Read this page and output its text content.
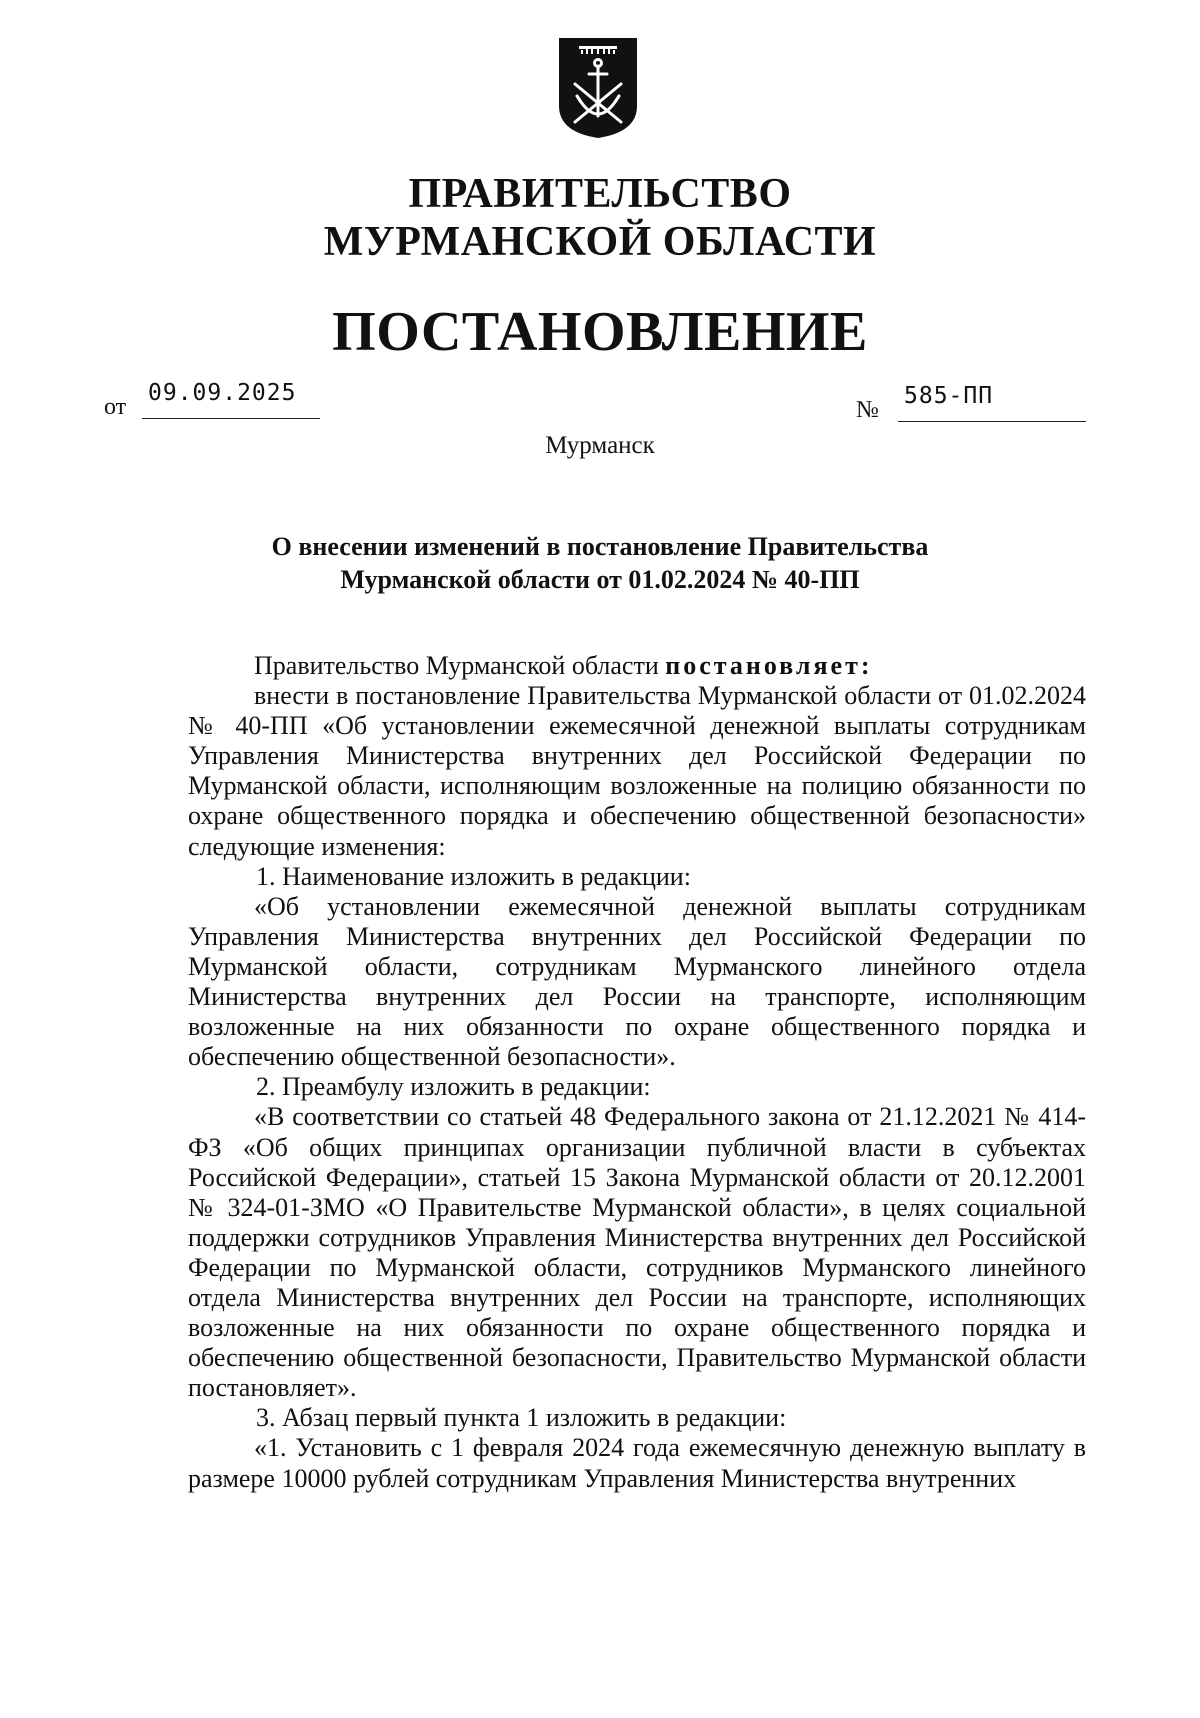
ПРАВИТЕЛЬСТВО
МУРМАНСКОЙ ОБЛАСТИ
ПОСТАНОВЛЕНИЕ
от
09.09.2025
№
585-ПП
Мурманск
О внесении изменений в постановление Правительства
Мурманской области от 01.02.2024 № 40-ПП

Правительство Мурманской области постановляет:

внести в постановление Правительства Мурманской области от 01.02.2024 № 40-ПП «Об установлении ежемесячной денежной выплаты сотрудникам Управления Министерства внутренних дел Российской Федерации по Мурманской области, исполняющим возложенные на полицию обязанности по охране общественного порядка и обеспечению общественной безопасности» следующие изменения:

1. Наименование изложить в редакции:

«Об установлении ежемесячной денежной выплаты сотрудникам Управления Министерства внутренних дел Российской Федерации по Мурманской области, сотрудникам Мурманского линейного отдела Министерства внутренних дел России на транспорте, исполняющим возложенные на них обязанности по охране общественного порядка и обеспечению общественной безопасности».

2. Преамбулу изложить в редакции:

«В соответствии со статьей 48 Федерального закона от 21.12.2021 № 414-ФЗ «Об общих принципах организации публичной власти в субъектах Российской Федерации», статьей 15 Закона Мурманской области от 20.12.2001 № 324-01-ЗМО «О Правительстве Мурманской области», в целях социальной поддержки сотрудников Управления Министерства внутренних дел Российской Федерации по Мурманской области, сотрудников Мурманского линейного отдела Министерства внутренних дел России на транспорте, исполняющих возложенные на них обязанности по охране общественного порядка и обеспечению общественной безопасности, Правительство Мурманской области постановляет».

3. Абзац первый пункта 1 изложить в редакции:

«1. Установить с 1 февраля 2024 года ежемесячную денежную выплату в размере 10000 рублей сотрудникам Управления Министерства внутренних
